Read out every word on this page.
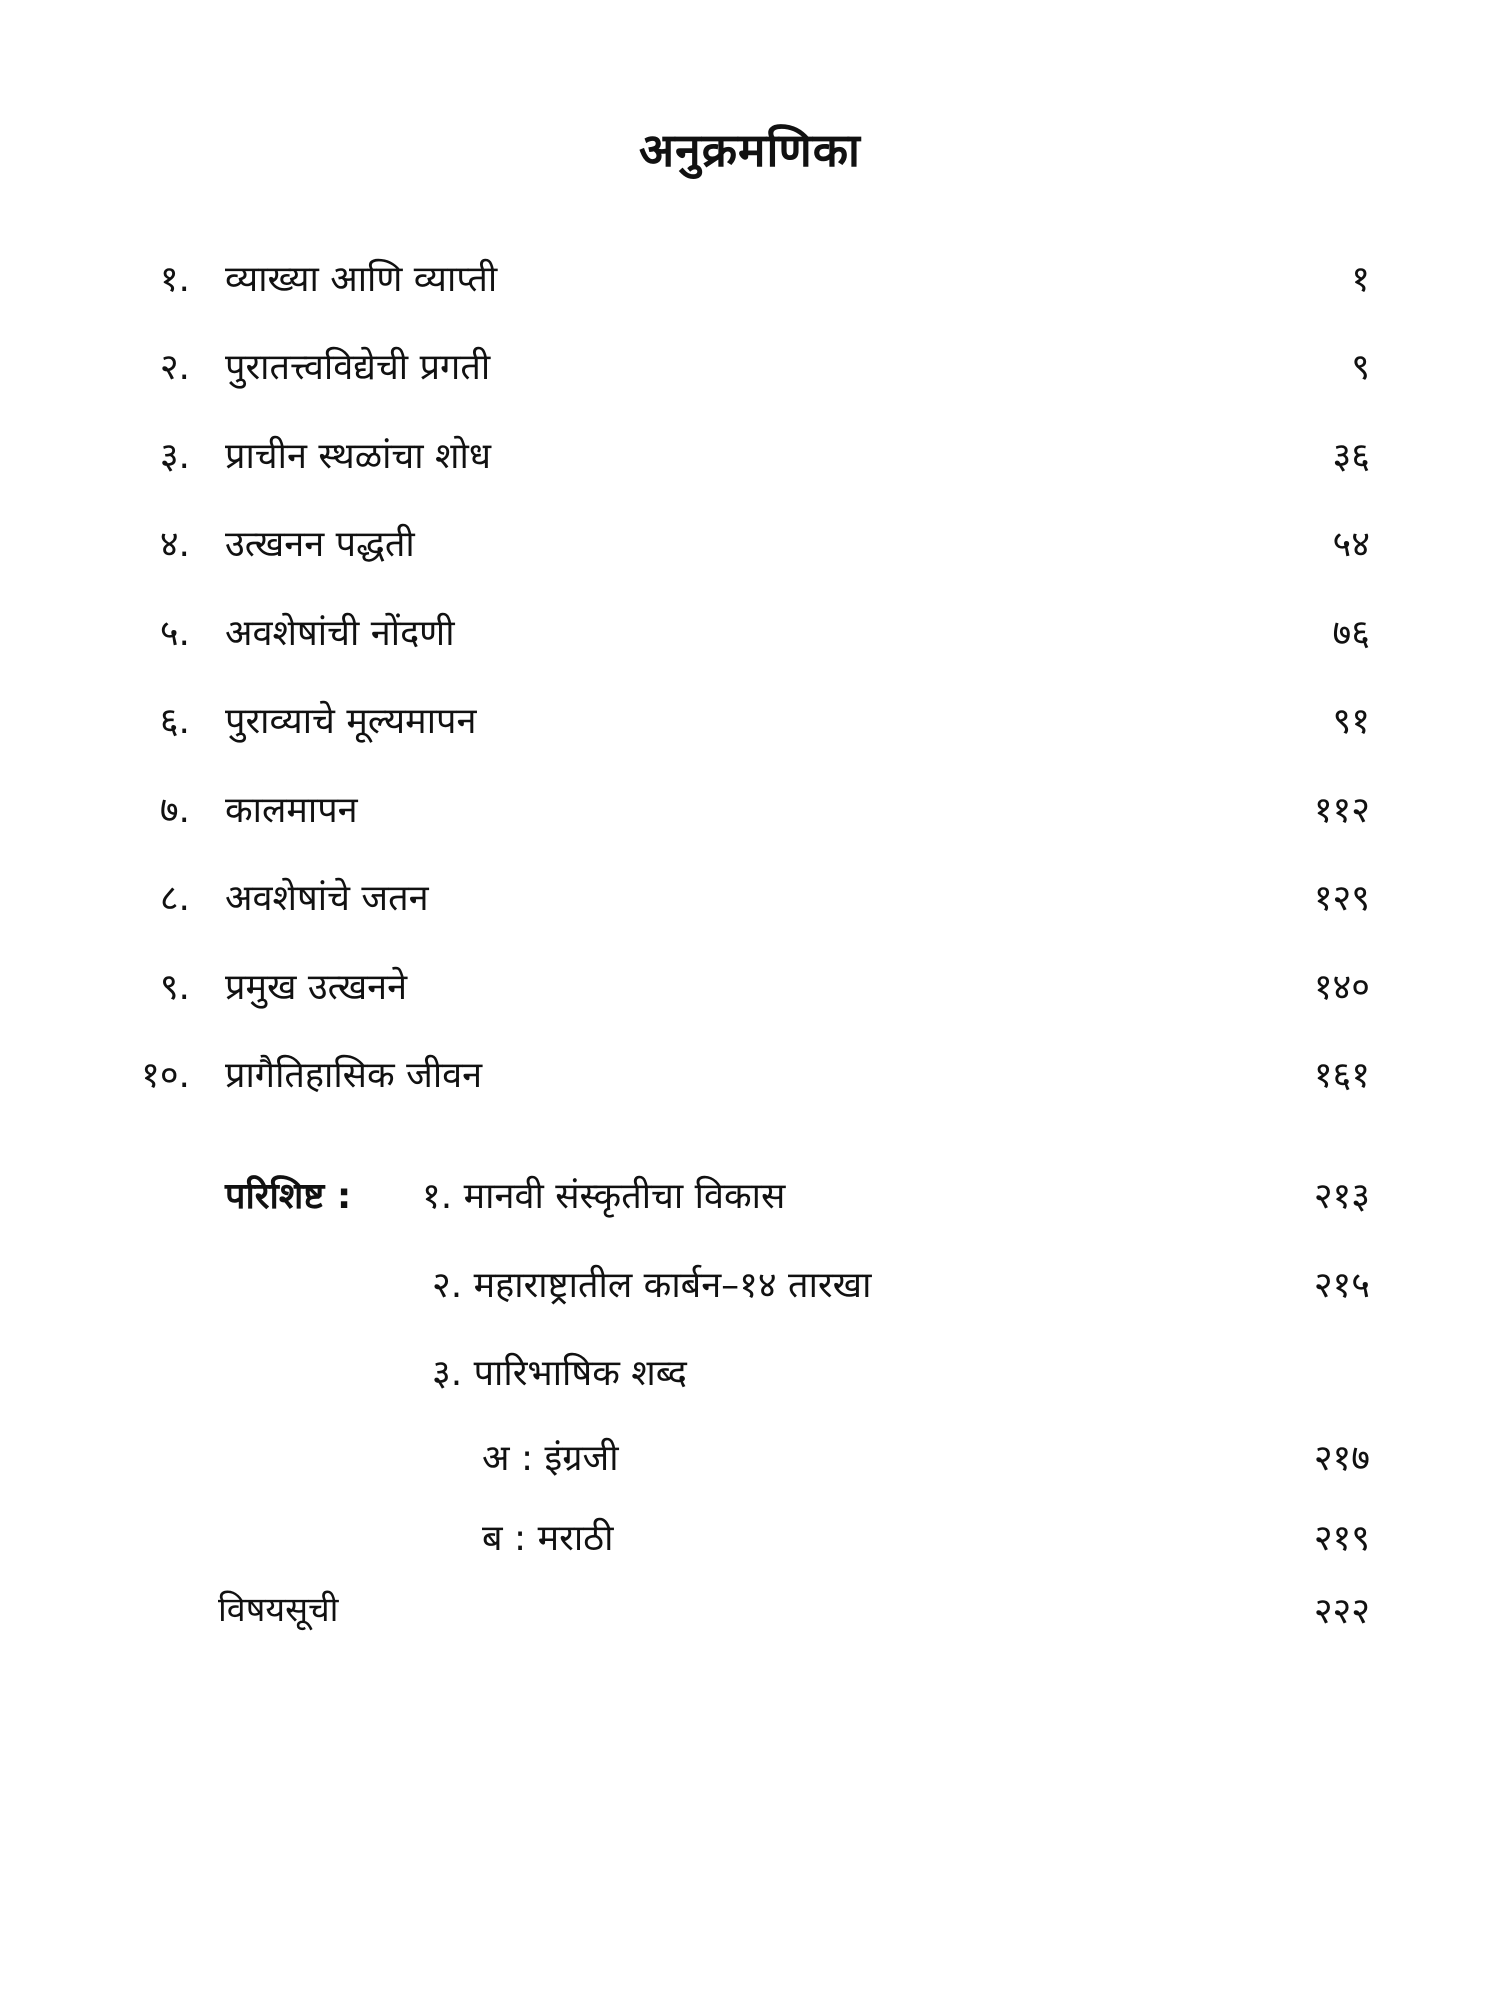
अनुक्रमणिका
१. व्याख्या आणि व्याप्ती	१
२. पुरातत्त्वविद्येची प्रगती	९
३. प्राचीन स्थळांचा शोध	३६
४. उत्खनन पद्धती	५४
५. अवशेषांची नोंदणी	७६
६. पुराव्याचे मूल्यमापन	९१
७. कालमापन	११२
८. अवशेषांचे जतन	१२९
९. प्रमुख उत्खनने	१४०
१०. प्रागैतिहासिक जीवन	१६१
परिशिष्ट : १. मानवी संस्कृतीचा विकास	२१३
२. महाराष्ट्रातील कार्बन–१४ तारखा	२१५
३. पारिभाषिक शब्द
अ : इंग्रजी	२१७
ब : मराठी	२१९
विषयसूची	२२२
